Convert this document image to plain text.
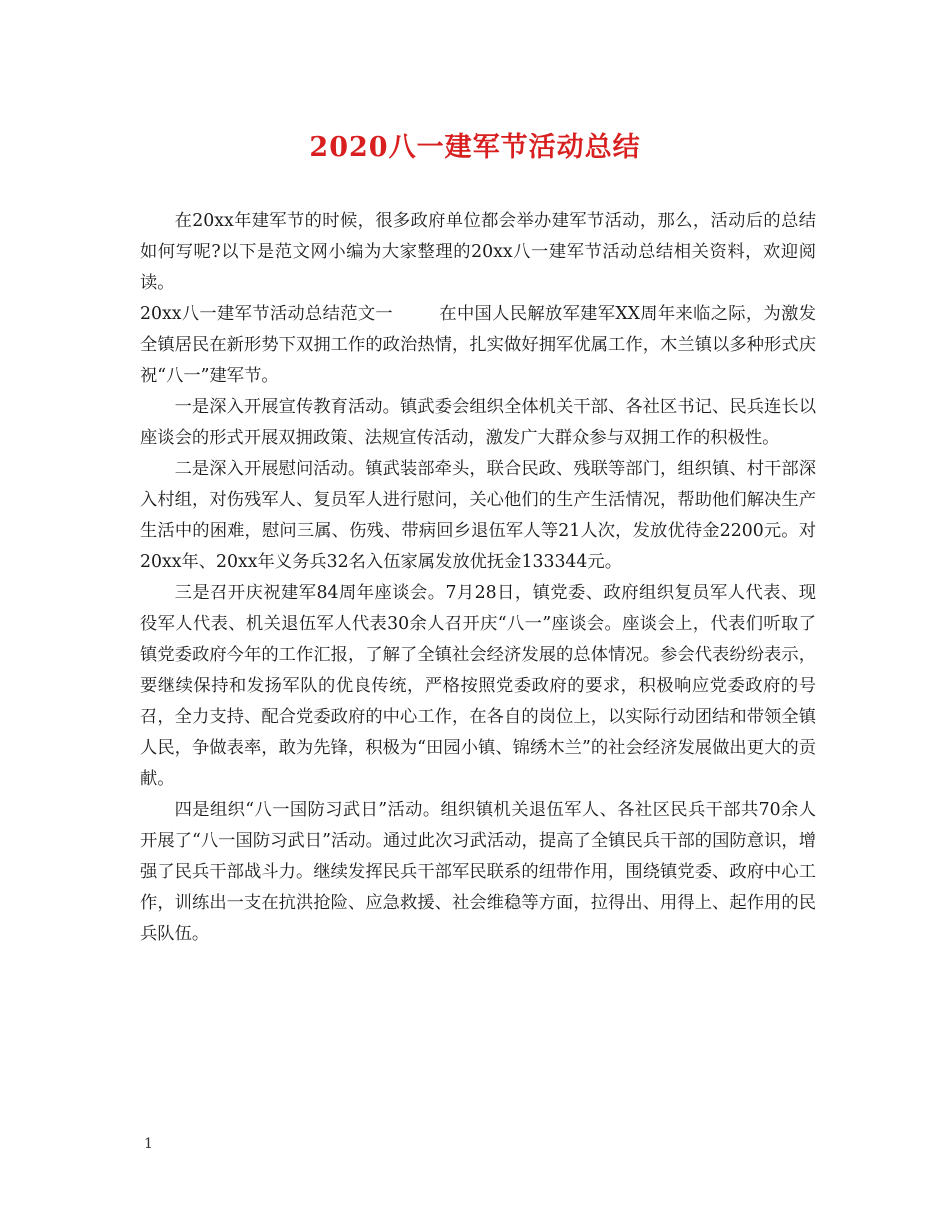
2020八一建军节活动总结

在20xx年建军节的时候，很多政府单位都会举办建军节活动，那么，活动后的总结如何写呢?以下是范文网小编为大家整理的20xx八一建军节活动总结相关资料，欢迎阅读。

20xx八一建军节活动总结范文一	在中国人民解放军建军XX周年来临之际，为激发全镇居民在新形势下双拥工作的政治热情，扎实做好拥军优属工作，木兰镇以多种形式庆祝“八一”建军节。

一是深入开展宣传教育活动。镇武委会组织全体机关干部、各社区书记、民兵连长以座谈会的形式开展双拥政策、法规宣传活动，激发广大群众参与双拥工作的积极性。

二是深入开展慰问活动。镇武装部牵头，联合民政、残联等部门，组织镇、村干部深入村组，对伤残军人、复员军人进行慰问，关心他们的生产生活情况，帮助他们解决生产生活中的困难，慰问三属、伤残、带病回乡退伍军人等21人次，发放优待金2200元。对20xx年、20xx年义务兵32名入伍家属发放优抚金133344元。

三是召开庆祝建军84周年座谈会。7月28日，镇党委、政府组织复员军人代表、现役军人代表、机关退伍军人代表30余人召开庆“八一”座谈会。座谈会上，代表们听取了镇党委政府今年的工作汇报，了解了全镇社会经济发展的总体情况。参会代表纷纷表示，要继续保持和发扬军队的优良传统，严格按照党委政府的要求，积极响应党委政府的号召，全力支持、配合党委政府的中心工作，在各自的岗位上，以实际行动团结和带领全镇人民，争做表率，敢为先锋，积极为“田园小镇、锦绣木兰”的社会经济发展做出更大的贡献。

四是组织“八一国防习武日”活动。组织镇机关退伍军人、各社区民兵干部共70余人开展了“八一国防习武日”活动。通过此次习武活动，提高了全镇民兵干部的国防意识，增强了民兵干部战斗力。继续发挥民兵干部军民联系的纽带作用，围绕镇党委、政府中心工作，训练出一支在抗洪抢险、应急救援、社会维稳等方面，拉得出、用得上、起作用的民兵队伍。

1
